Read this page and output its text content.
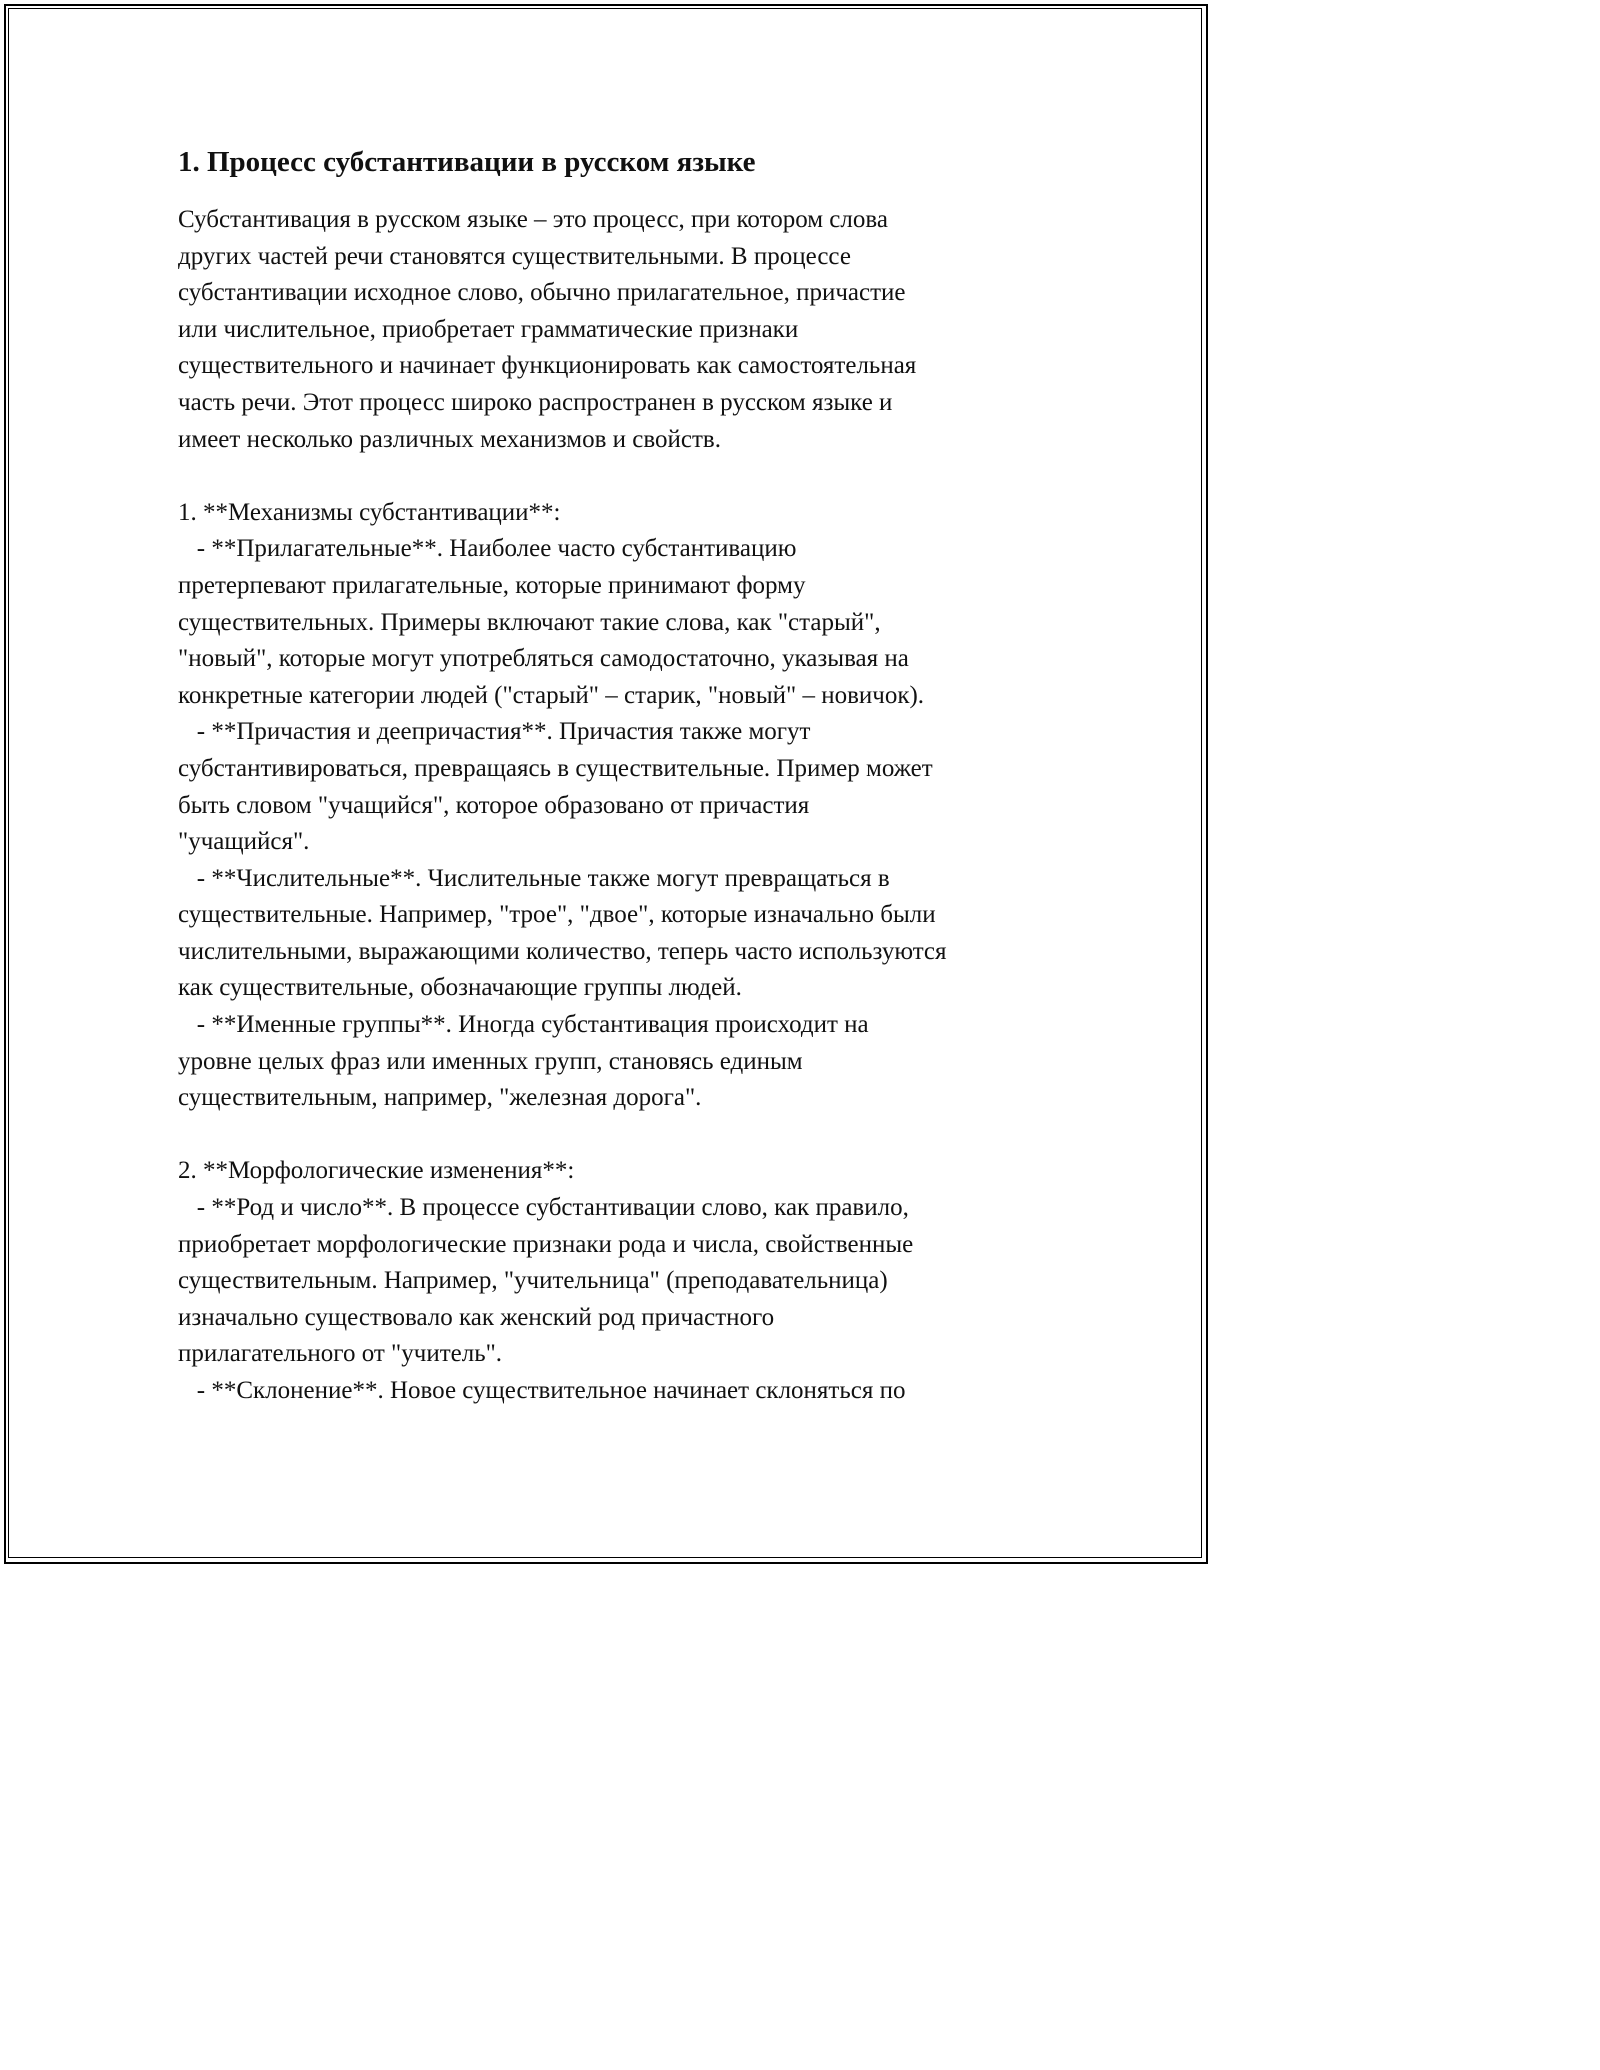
1. Процесс субстантивации в русском языке
Субстантивация в русском языке – это процесс, при котором слова
других частей речи становятся существительными. В процессе
субстантивации исходное слово, обычно прилагательное, причастие
или числительное, приобретает грамматические признаки
существительного и начинает функционировать как самостоятельная
часть речи. Этот процесс широко распространен в русском языке и
имеет несколько различных механизмов и свойств.
1. **Механизмы субстантивации**:
- **Прилагательные**. Наиболее часто субстантивацию
претерпевают прилагательные, которые принимают форму
существительных. Примеры включают такие слова, как "старый",
"новый", которые могут употребляться самодостаточно, указывая на
конкретные категории людей ("старый" – старик, "новый" – новичок).
- **Причастия и деепричастия**. Причастия также могут
субстантивироваться, превращаясь в существительные. Пример может
быть словом "учащийся", которое образовано от причастия
"учащийся".
- **Числительные**. Числительные также могут превращаться в
существительные. Например, "трое", "двое", которые изначально были
числительными, выражающими количество, теперь часто используются
как существительные, обозначающие группы людей.
- **Именные группы**. Иногда субстантивация происходит на
уровне целых фраз или именных групп, становясь единым
существительным, например, "железная дорога".
2. **Морфологические изменения**:
- **Род и число**. В процессе субстантивации слово, как правило,
приобретает морфологические признаки рода и числа, свойственные
существительным. Например, "учительница" (преподавательница)
изначально существовало как женский род причастного
прилагательного от "учитель".
- **Склонение**. Новое существительное начинает склоняться по
